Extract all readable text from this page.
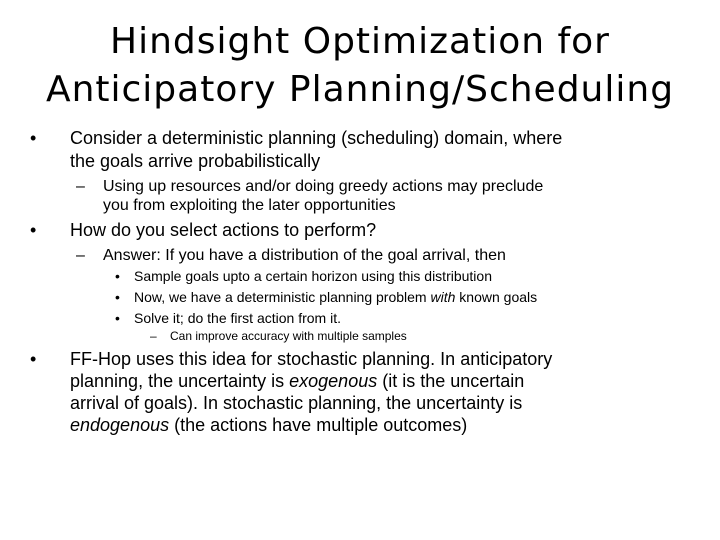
Hindsight Optimization for
Anticipatory Planning/Scheduling
• Consider a deterministic planning (scheduling) domain, where
the goals arrive probabilistically
– Using up resources and/or doing greedy actions may preclude
you from exploiting the later opportunities
• How do you select actions to perform?
– Answer: If you have a distribution of the goal arrival, then
• Sample goals upto a certain horizon using this distribution
• Now, we have a deterministic planning problem with known goals
• Solve it; do the first action from it.
– Can improve accuracy with multiple samples
• FF-Hop uses this idea for stochastic planning. In anticipatory
planning, the uncertainty is exogenous (it is the uncertain
arrival of goals). In stochastic planning, the uncertainty is
endogenous (the actions have multiple outcomes)
